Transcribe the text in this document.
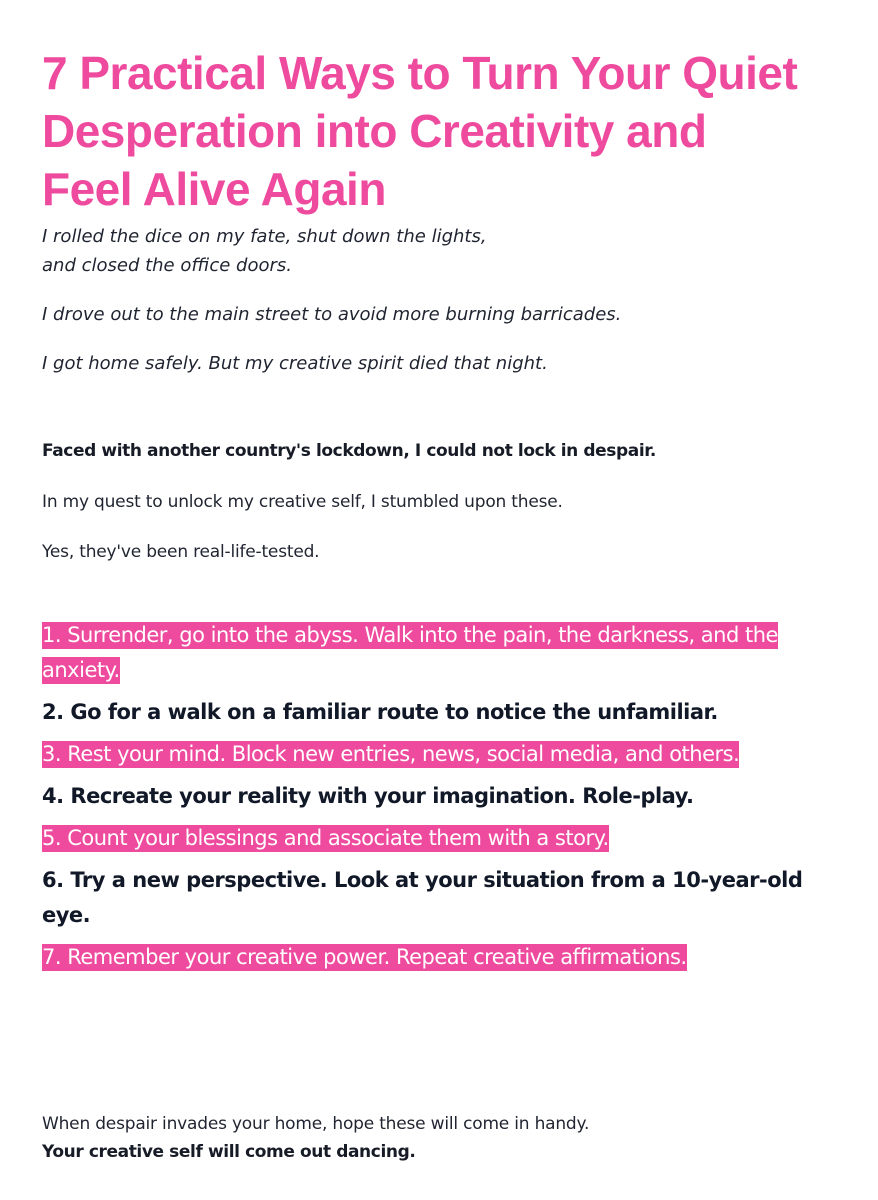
7 Practical Ways to Turn Your Quiet
Desperation into Creativity and
Feel Alive Again

I rolled the dice on my fate, shut down the lights,

and closed the office doors.

I drove out to the main street to avoid more burning barricades.

I got home safely. But my creative spirit died that night.

Faced with another country's lockdown, I could not lock in despair.

In my quest to unlock my creative self, I stumbled upon these.

Yes, they've been real-life-tested.

1. Surrender, go into the abyss. Walk into the pain, the darkness, and the anxiety.

2. Go for a walk on a familiar route to notice the unfamiliar.

3. Rest your mind. Block new entries, news, social media, and others.

4. Recreate your reality with your imagination. Role-play.

5. Count your blessings and associate them with a story.

6. Try a new perspective. Look at your situation from a 10-year-old eye.

7. Remember your creative power. Repeat creative affirmations.

When despair invades your home, hope these will come in handy.

Your creative self will come out dancing.
